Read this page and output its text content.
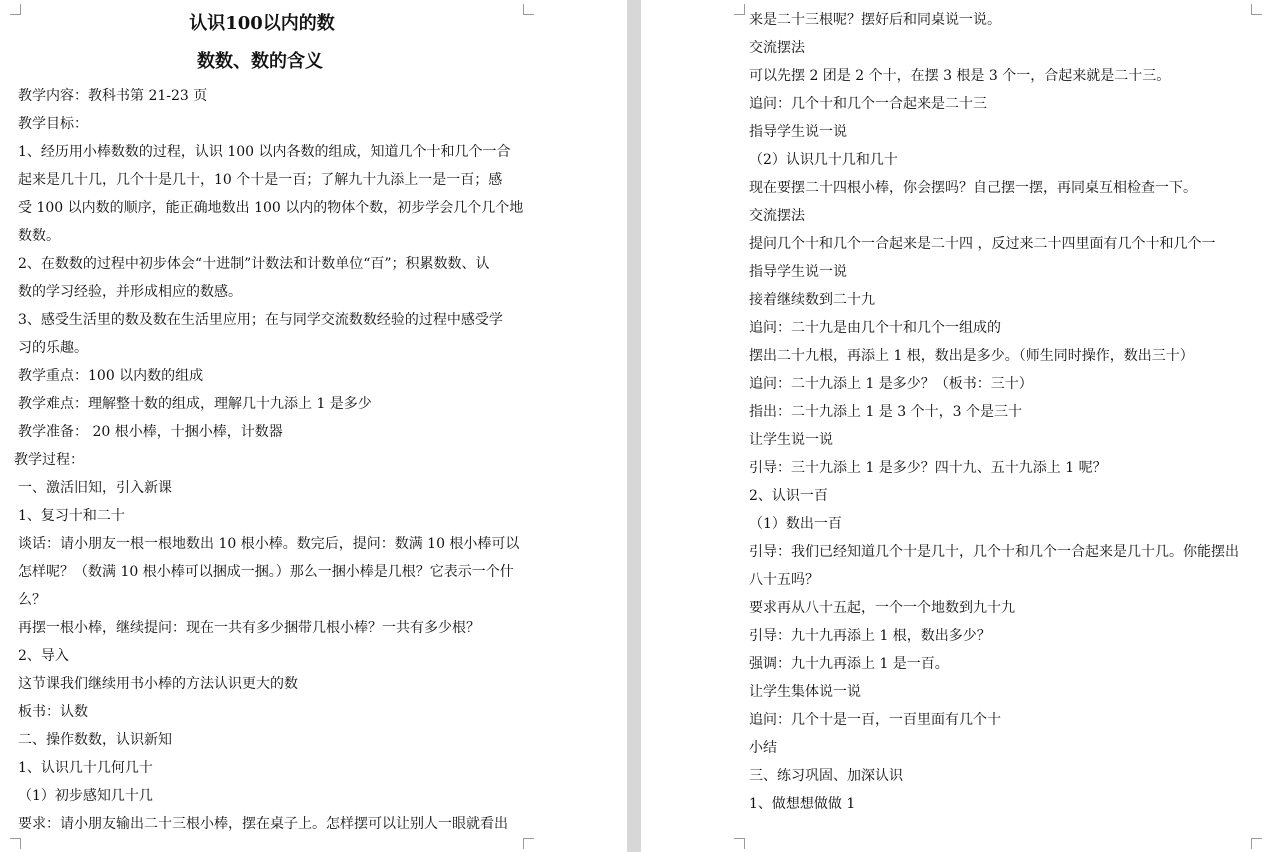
认识100以内的数
数数、数的含义

教学内容：教科书第 21-23 页

教学目标：

1、经历用小棒数数的过程，认识 100 以内各数的组成，知道几个十和几个一合

起来是几十几，几个十是几十，10 个十是一百；了解九十九添上一是一百；感

受 100 以内数的顺序，能正确地数出 100 以内的物体个数，初步学会几个几个地

数数。

2、在数数的过程中初步体会“十进制”计数法和计数单位“百”；积累数数、认

数的学习经验，并形成相应的数感。

3、感受生活里的数及数在生活里应用；在与同学交流数数经验的过程中感受学

习的乐趣。

教学重点：100 以内数的组成

教学难点：理解整十数的组成，理解几十九添上 1 是多少

教学准备： 20 根小棒，十捆小棒，计数器

教学过程：

一、激活旧知，引入新课

1、复习十和二十

谈话：请小朋友一根一根地数出 10 根小棒。数完后，提问：数满 10 根小棒可以

怎样呢？（数满 10 根小棒可以捆成一捆。）那么一捆小棒是几根？它表示一个什

么？

再摆一根小棒，继续提问：现在一共有多少捆带几根小棒？一共有多少根？

2、导入

这节课我们继续用书小棒的方法认识更大的数

板书：认数

二、操作数数，认识新知

1、认识几十几何几十

（1）初步感知几十几

要求：请小朋友输出二十三根小棒，摆在桌子上。怎样摆可以让别人一眼就看出

来是二十三根呢？摆好后和同桌说一说。

交流摆法

可以先摆 2 团是 2 个十，在摆 3 根是 3 个一，合起来就是二十三。

追问：几个十和几个一合起来是二十三

指导学生说一说

（2）认识几十几和几十

现在要摆二十四根小棒，你会摆吗？自己摆一摆，再同桌互相检查一下。

交流摆法

提问几个十和几个一合起来是二十四 ，反过来二十四里面有几个十和几个一

指导学生说一说

接着继续数到二十九

追问：二十九是由几个十和几个一组成的

摆出二十九根，再添上 1 根，数出是多少。（师生同时操作，数出三十）

追问：二十九添上 1 是多少？（板书：三十）

指出：二十九添上 1 是 3 个十，3 个是三十

让学生说一说

引导：三十九添上 1 是多少？四十九、五十九添上 1 呢？

2、认识一百

（1）数出一百

引导：我们已经知道几个十是几十，几个十和几个一合起来是几十几。你能摆出

八十五吗？

要求再从八十五起，一个一个地数到九十九

引导：九十九再添上 1 根，数出多少？

强调：九十九再添上 1 是一百。

让学生集体说一说

追问：几个十是一百，一百里面有几个十

小结

三、练习巩固、加深认识

1、做想想做做 1
